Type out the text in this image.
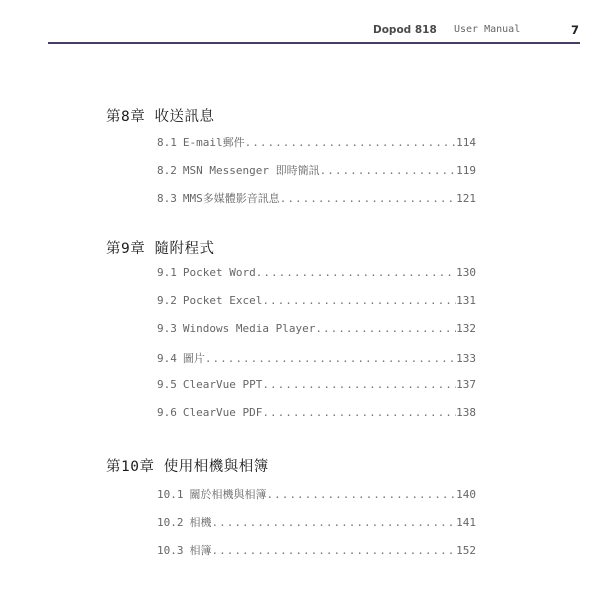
Dopod 818 User Manual	7
第8章 收送訊息
8.1 E-mail郵件 .....	114
8.2 MSN Messenger 即時簡訊 .....	119
8.3 MMS多媒體影音訊息 .....	121
第9章 隨附程式
9.1 Pocket Word .....	130
9.2 Pocket Excel .....	131
9.3 Windows Media Player .....	132
9.4 圖片 .....	133
9.5 ClearVue PPT .....	137
9.6 ClearVue PDF .....	138
第10章 使用相機與相簿
10.1 關於相機與相簿 .....	140
10.2 相機 .....	141
10.3 相簿 .....	152
